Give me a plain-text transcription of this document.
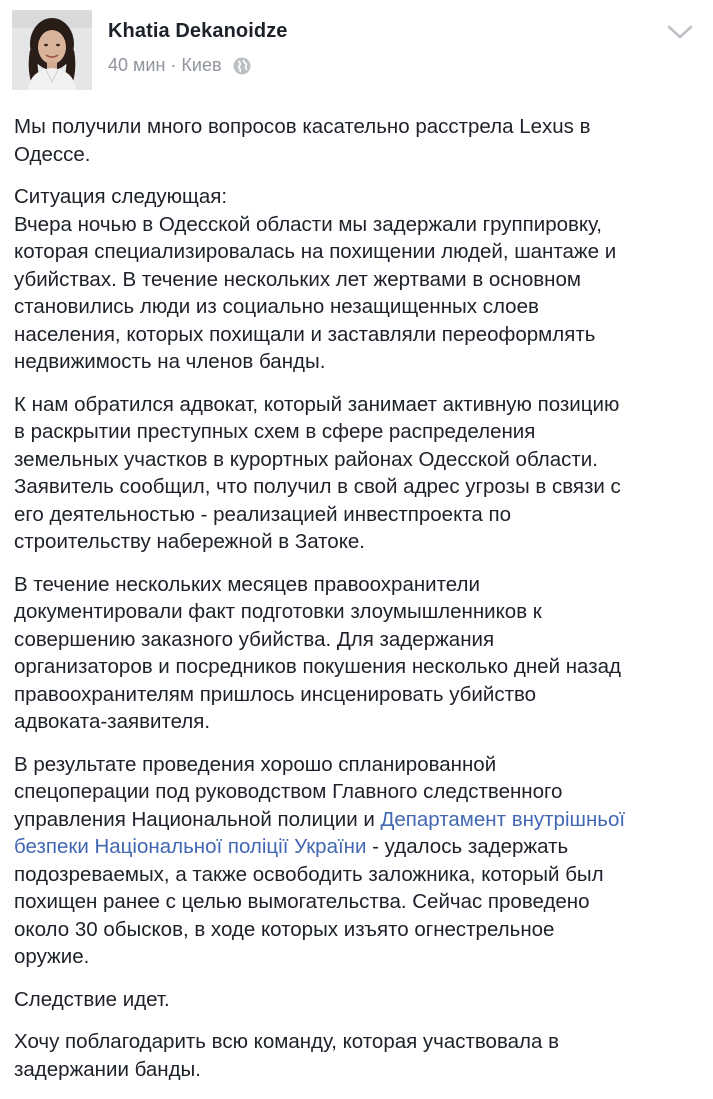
Khatia Dekanoidze
40 мин · Киев

Мы получили много вопросов касательно расстрела Lexus в
Одессе.

Ситуация следующая:
Вчера ночью в Одесской области мы задержали группировку,
которая специализировалась на похищении людей, шантаже и
убийствах. В течение нескольких лет жертвами в основном
становились люди из социально незащищенных слоев
населения, которых похищали и заставляли переоформлять
недвижимость на членов банды.

К нам обратился адвокат, который занимает активную позицию
в раскрытии преступных схем в сфере распределения
земельных участков в курортных районах Одесской области.
Заявитель сообщил, что получил в свой адрес угрозы в связи с
его деятельностью - реализацией инвестпроекта по
строительству набережной в Затоке.

В течение нескольких месяцев правоохранители
документировали факт подготовки злоумышленников к
совершению заказного убийства. Для задержания
организаторов и посредников покушения несколько дней назад
правоохранителям пришлось инсценировать убийство
адвоката-заявителя.

В результате проведения хорошо спланированной
спецоперации под руководством Главного следственного
управления Национальной полиции и Департамент внутрішньої
безпеки Національної поліції України - удалось задержать
подозреваемых, а также освободить заложника, который был
похищен ранее с целью вымогательства. Сейчас проведено
около 30 обысков, в ходе которых изъято огнестрельное
оружие.

Следствие идет.

Хочу поблагодарить всю команду, которая участвовала в
задержании банды.
